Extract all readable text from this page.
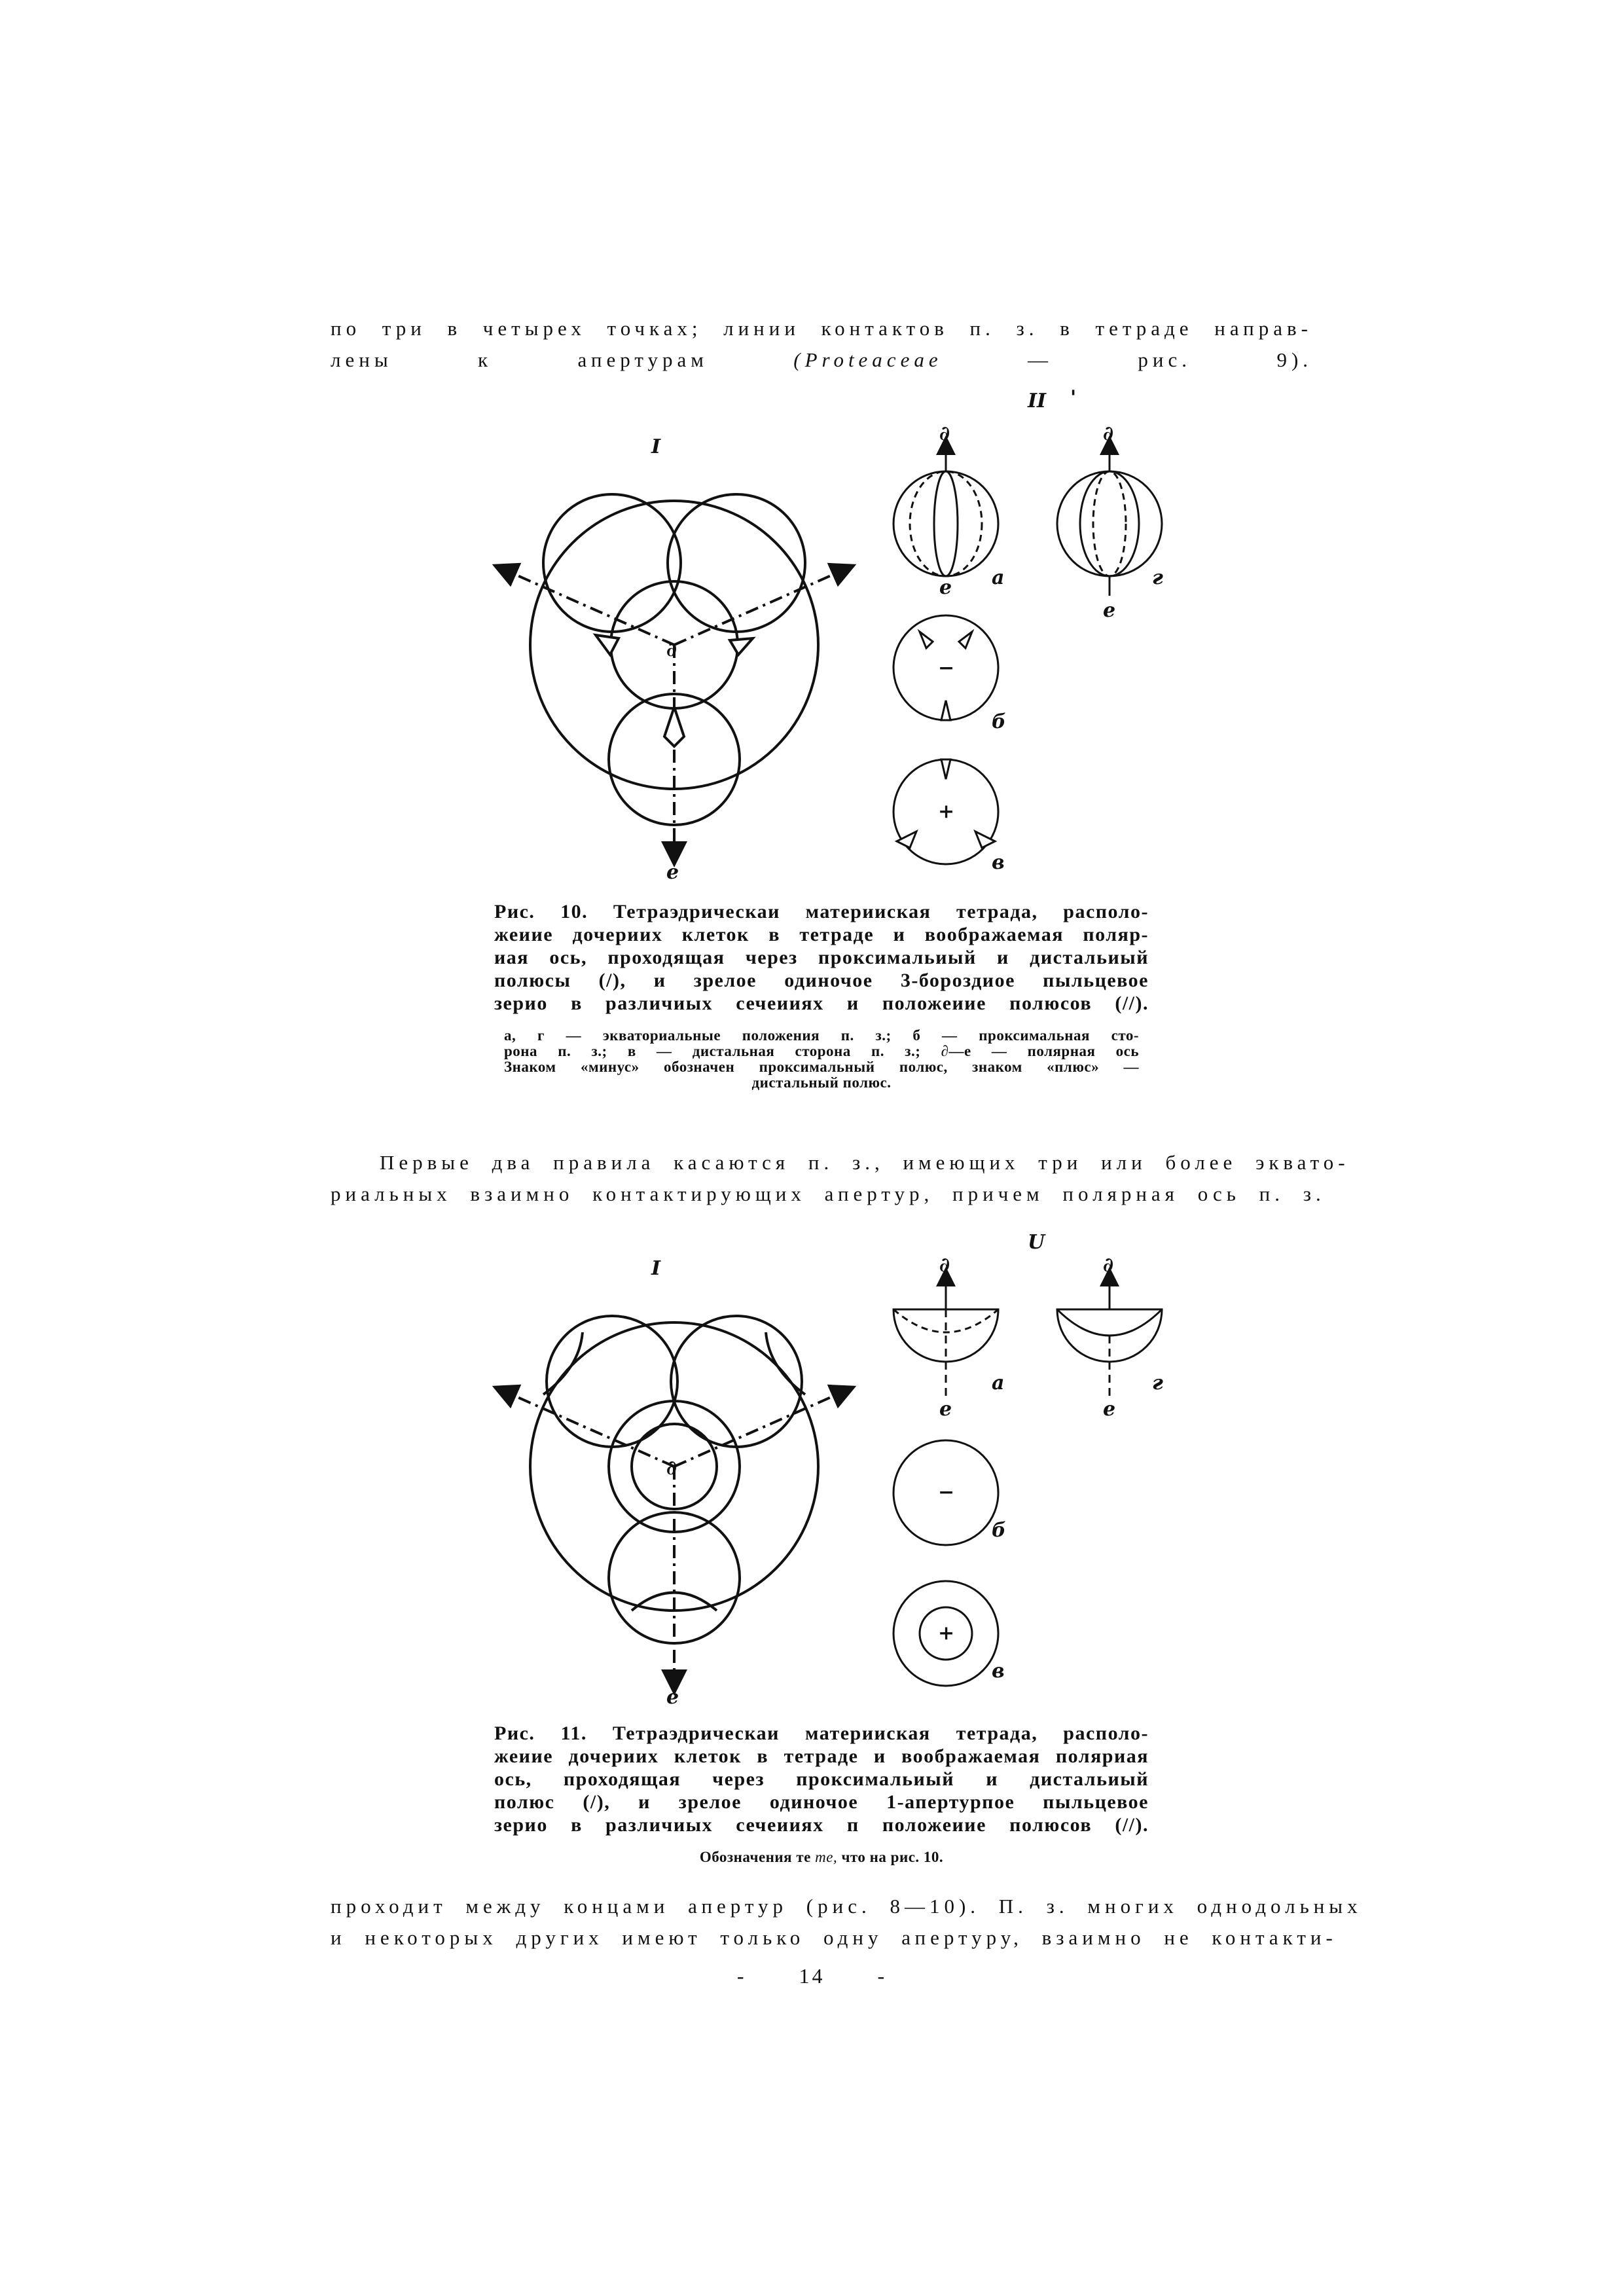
по три в четырех точках; линии контактов п. з. в тетраде направ-
лены к апертурам	(Proteaceae	— рис. 9).
I
II '
∂
e
∂	∂
e
e
a	г
б
в
−
+
Рис. 10. Тетраэдрическаи материиская тетрада, располо-
жеиие дочериих клеток в тетраде и воображаемая поляр-
иая ось, проходящая через проксимальиый и дистальиый
полюсы (/), и зрелое одиночое 3-бороздиое пыльцевое
зерио в различиых сечеииях и положеиие полюсов (//).
а, г — экваториальные положения п. з.; б — проксимальная сто-
рона п. з.; в — дистальная сторона п. з.; ∂—е — полярная ось
Знаком «минус» обозначен проксимальный полюс, знаком «плюс» —
дистальный полюс.
Первые два правила касаются п. з., имеющих три или более эквато-
риальных взаимно контактирующих апертур, причем полярная ось п. з.
I
U
∂
e
∂	∂
e	e
a	г
б
в
−
+
Рис. 11. Тетраэдрическаи материиская тетрада, располо-
жеиие дочериих клеток в тетраде и воображаемая поляриая
ось, проходящая через проксимальиый и дистальиый
полюс (/), и зрелое одиночое 1-апертурпое пыльцевое
зерио в различиых сечеииях п положеиие полюсов (//).
Обозначения те me, что на рис. 10.
проходит между концами апертур (рис. 8—10). П. з. многих однодольных
и некоторых других имеют только одну апертуру, взаимно не контакти-
-	14	-
